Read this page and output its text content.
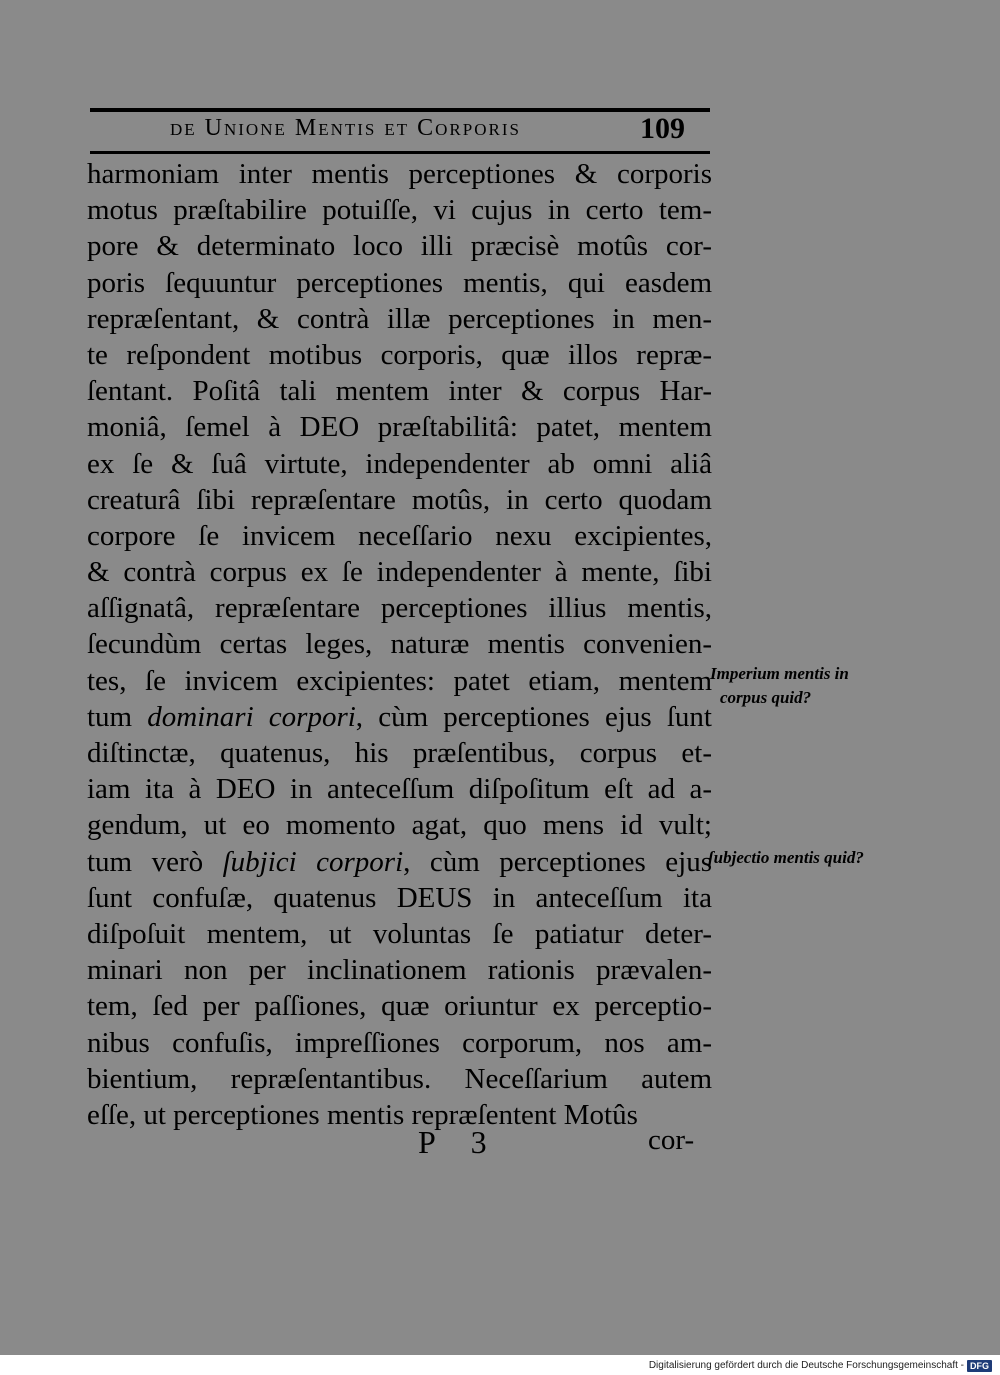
de Unione Mentis et Corporis	109
harmoniam inter mentis perceptiones & corporis
motus præſtabilire potuiſſe, vi cujus in certo tem-
pore & determinato loco illi præcisè motûs cor-
poris ſequuntur perceptiones mentis, qui easdem
repræſentant, & contrà illæ perceptiones in men-
te reſpondent motibus corporis, quæ illos repræ-
ſentant. Poſitâ tali mentem inter & corpus Har-
moniâ, ſemel à DEO præſtabilitâ: patet, mentem
ex ſe & ſuâ virtute, independenter ab omni aliâ
creaturâ ſibi repræſentare motûs, in certo quodam
corpore ſe invicem neceſſario nexu excipientes,
& contrà corpus ex ſe independenter à mente, ſibi
aſſignatâ, repræſentare perceptiones illius mentis,
ſecundùm certas leges, naturæ mentis convenien-
tes, ſe invicem excipientes: patet etiam, mentem
tum dominari corpori, cùm perceptiones ejus ſunt
diſtinctæ, quatenus, his præſentibus, corpus et-
iam ita à DEO in anteceſſum diſpoſitum eſt ad a-
gendum, ut eo momento agat, quo mens id vult;
tum verò ſubjici corpori, cùm perceptiones ejus
ſunt confuſæ, quatenus DEUS in anteceſſum ita
diſpoſuit mentem, ut voluntas ſe patiatur deter-
minari non per inclinationem rationis prævalen-
tem, ſed per paſſiones, quæ oriuntur ex perceptio-
nibus confuſis, impreſſiones corporum, nos am-
bientium, repræſentantibus. Neceſſarium autem
eſſe, ut perceptiones mentis repræſentent Motûs
Imperium mentis in
corpus quid?
ſubjectio mentis quid?
P 3	cor-
Digitalisierung gefördert durch die Deutsche Forschungsgemeinschaft - DFG
